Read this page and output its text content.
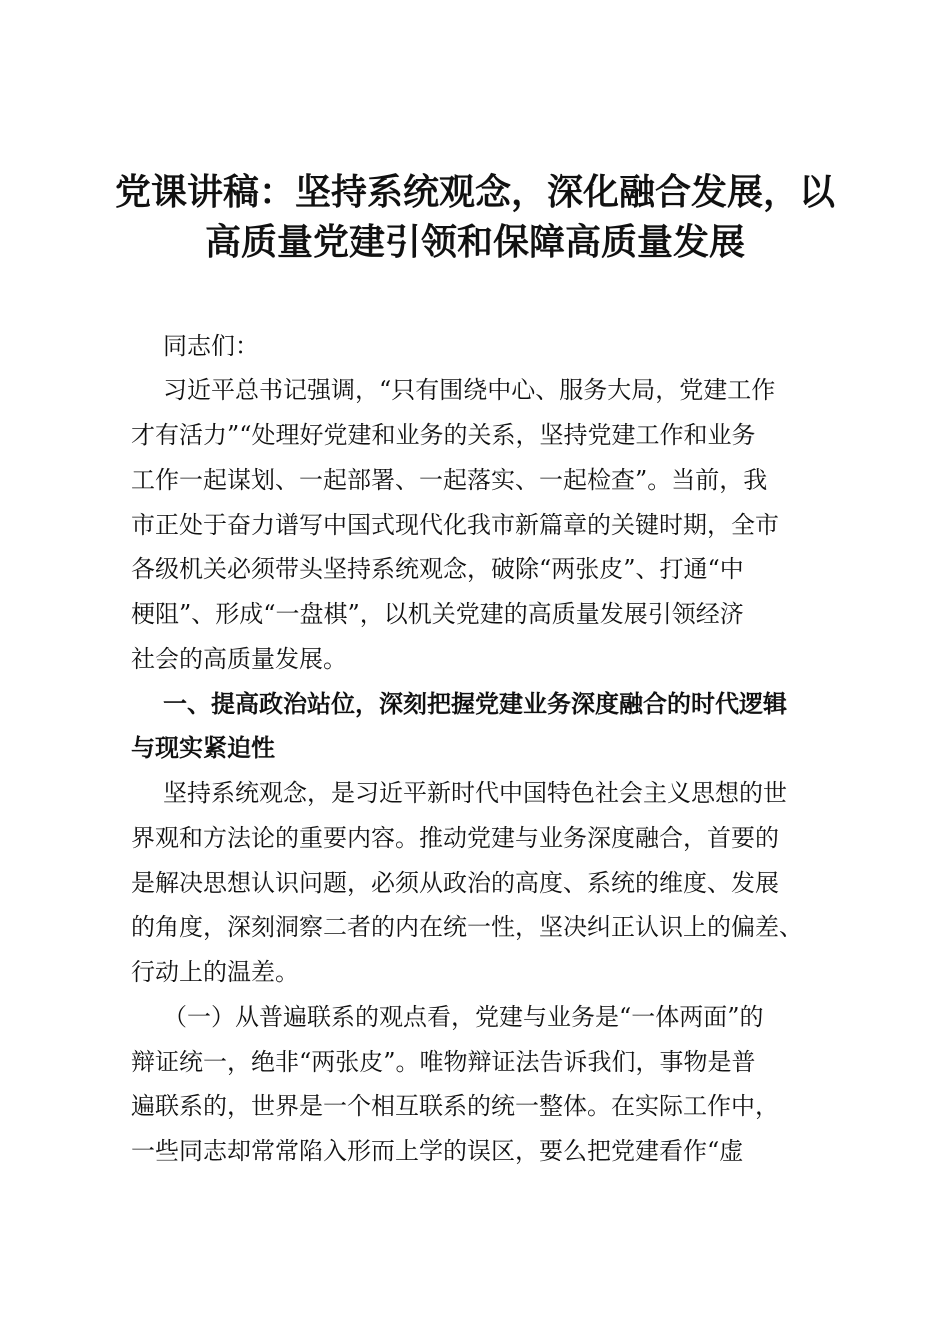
党课讲稿：坚持系统观念，深化融合发展，以
高质量党建引领和保障高质量发展

同志们：

习近平总书记强调，“只有围绕中心、服务大局，党建工作

才有活力”“处理好党建和业务的关系，坚持党建工作和业务

工作一起谋划、一起部署、一起落实、一起检查”。当前，我

市正处于奋力谱写中国式现代化我市新篇章的关键时期，全市

各级机关必须带头坚持系统观念，破除“两张皮”、打通“中

梗阻”、形成“一盘棋”，以机关党建的高质量发展引领经济

社会的高质量发展。

一、提高政治站位，深刻把握党建业务深度融合的时代逻辑

与现实紧迫性

坚持系统观念，是习近平新时代中国特色社会主义思想的世

界观和方法论的重要内容。推动党建与业务深度融合，首要的

是解决思想认识问题，必须从政治的高度、系统的维度、发展

的角度，深刻洞察二者的内在统一性，坚决纠正认识上的偏差、

行动上的温差。

（一）从普遍联系的观点看，党建与业务是“一体两面”的

辩证统一，绝非“两张皮”。唯物辩证法告诉我们，事物是普

遍联系的，世界是一个相互联系的统一整体。在实际工作中，

一些同志却常常陷入形而上学的误区，要么把党建看作“虚
